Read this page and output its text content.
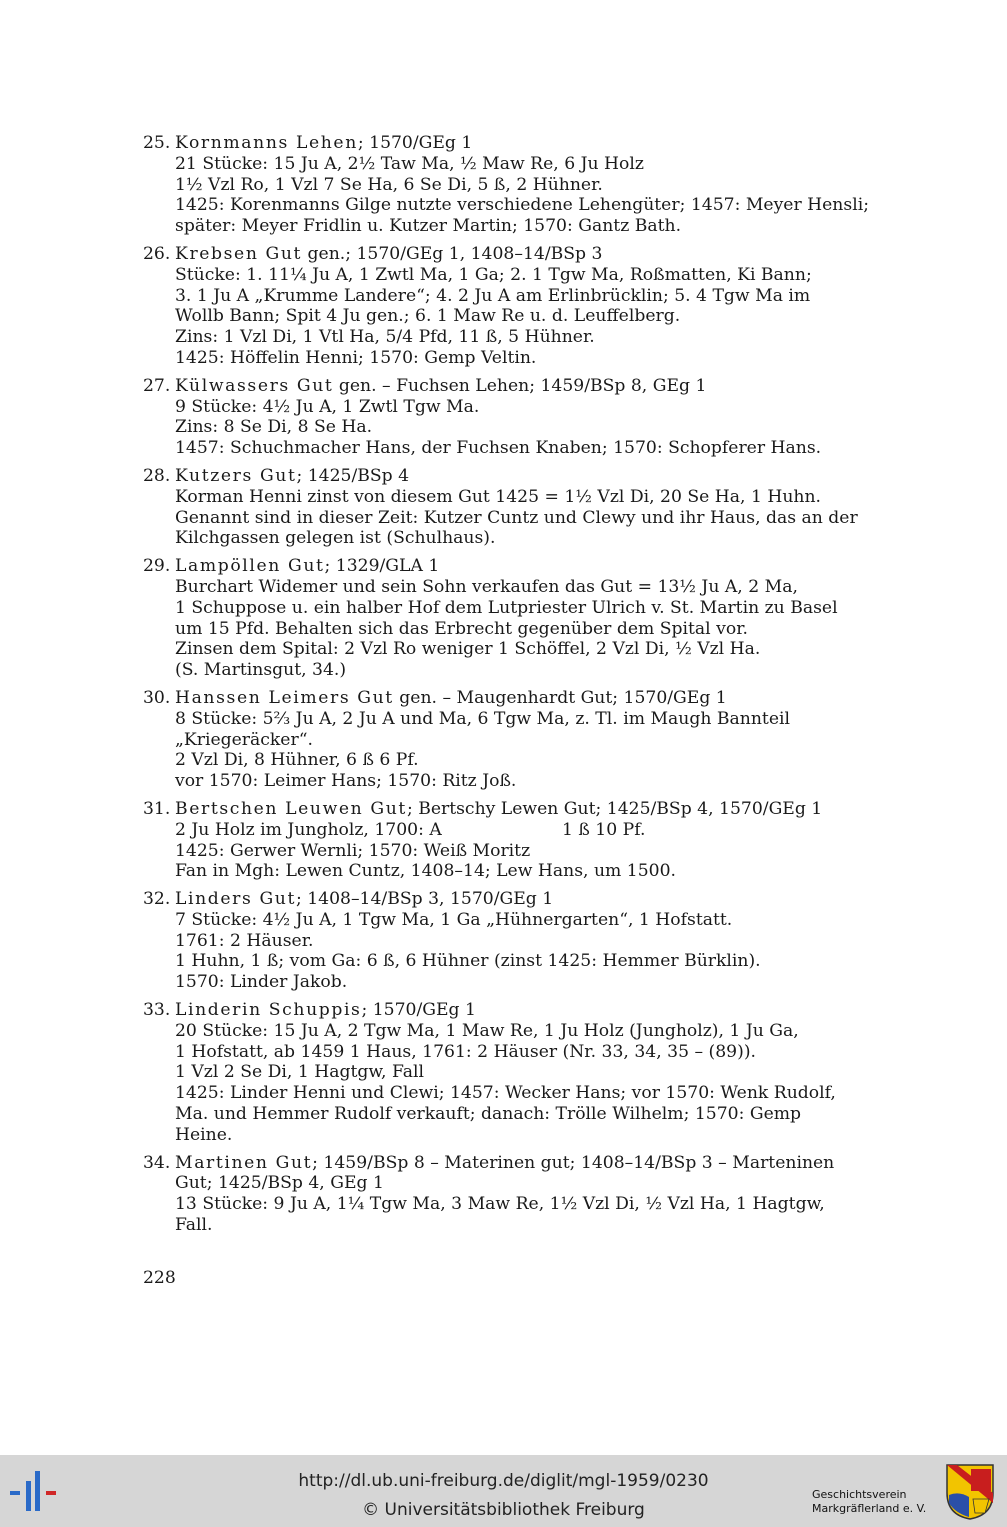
25. Kornmanns Lehen; 1570/GEg 1
21 Stücke: 15 Ju A, 2½ Taw Ma, ½ Maw Re, 6 Ju Holz
1½ Vzl Ro, 1 Vzl 7 Se Ha, 6 Se Di, 5 ß, 2 Hühner.
1425: Korenmanns Gilge nutzte verschiedene Lehengüter; 1457: Meyer Hensli;
später: Meyer Fridlin u. Kutzer Martin; 1570: Gantz Bath.
26. Krebsen Gut gen.; 1570/GEg 1, 1408–14/BSp 3
Stücke: 1. 11¼ Ju A, 1 Zwtl Ma, 1 Ga; 2. 1 Tgw Ma, Roßmatten, Ki Bann;
3. 1 Ju A „Krumme Landere“; 4. 2 Ju A am Erlinbrücklin; 5. 4 Tgw Ma im
Wollb Bann; Spit 4 Ju gen.; 6. 1 Maw Re u. d. Leuffelberg.
Zins: 1 Vzl Di, 1 Vtl Ha, 5/4 Pfd, 11 ß, 5 Hühner.
1425: Höffelin Henni; 1570: Gemp Veltin.
27. Külwassers Gut gen. – Fuchsen Lehen; 1459/BSp 8, GEg 1
9 Stücke: 4½ Ju A, 1 Zwtl Tgw Ma.
Zins: 8 Se Di, 8 Se Ha.
1457: Schuchmacher Hans, der Fuchsen Knaben; 1570: Schopferer Hans.
28. Kutzers Gut; 1425/BSp 4
Korman Henni zinst von diesem Gut 1425 = 1½ Vzl Di, 20 Se Ha, 1 Huhn.
Genannt sind in dieser Zeit: Kutzer Cuntz und Clewy und ihr Haus, das an der
Kilchgassen gelegen ist (Schulhaus).
29. Lampöllen Gut; 1329/GLA 1
Burchart Widemer und sein Sohn verkaufen das Gut = 13½ Ju A, 2 Ma,
1 Schuppose u. ein halber Hof dem Lutpriester Ulrich v. St. Martin zu Basel
um 15 Pfd. Behalten sich das Erbrecht gegenüber dem Spital vor.
Zinsen dem Spital: 2 Vzl Ro weniger 1 Schöffel, 2 Vzl Di, ½ Vzl Ha.
(S. Martinsgut, 34.)
30. Hanssen Leimers Gut gen. – Maugenhardt Gut; 1570/GEg 1
8 Stücke: 5⅔ Ju A, 2 Ju A und Ma, 6 Tgw Ma, z. Tl. im Maugh Bannteil
„Kriegeräcker“.
2 Vzl Di, 8 Hühner, 6 ß 6 Pf.
vor 1570: Leimer Hans; 1570: Ritz Joß.
31. Bertschen Leuwen Gut; Bertschy Lewen Gut; 1425/BSp 4, 1570/GEg 1
2 Ju Holz im Jungholz, 1700: A                      1 ß 10 Pf.
1425: Gerwer Wernli; 1570: Weiß Moritz
Fan in Mgh: Lewen Cuntz, 1408–14; Lew Hans, um 1500.
32. Linders Gut; 1408–14/BSp 3, 1570/GEg 1
7 Stücke: 4½ Ju A, 1 Tgw Ma, 1 Ga „Hühnergarten“, 1 Hofstatt.
1761: 2 Häuser.
1 Huhn, 1 ß; vom Ga: 6 ß, 6 Hühner (zinst 1425: Hemmer Bürklin).
1570: Linder Jakob.
33. Linderin Schuppis; 1570/GEg 1
20 Stücke: 15 Ju A, 2 Tgw Ma, 1 Maw Re, 1 Ju Holz (Jungholz), 1 Ju Ga,
1 Hofstatt, ab 1459 1 Haus, 1761: 2 Häuser (Nr. 33, 34, 35 – (89)).
1 Vzl 2 Se Di, 1 Hagtgw, Fall
1425: Linder Henni und Clewi; 1457: Wecker Hans; vor 1570: Wenk Rudolf,
Ma. und Hemmer Rudolf verkauft; danach: Trölle Wilhelm; 1570: Gemp
Heine.
34. Martinen Gut; 1459/BSp 8 – Materinen gut; 1408–14/BSp 3 – Marteninen
Gut; 1425/BSp 4, GEg 1
13 Stücke: 9 Ju A, 1¼ Tgw Ma, 3 Maw Re, 1½ Vzl Di, ½ Vzl Ha, 1 Hagtgw,
Fall.
228
http://dl.ub.uni-freiburg.de/diglit/mgl-1959/0230
© Universitätsbibliothek Freiburg
Geschichtsverein
Markgräflerland e. V.
